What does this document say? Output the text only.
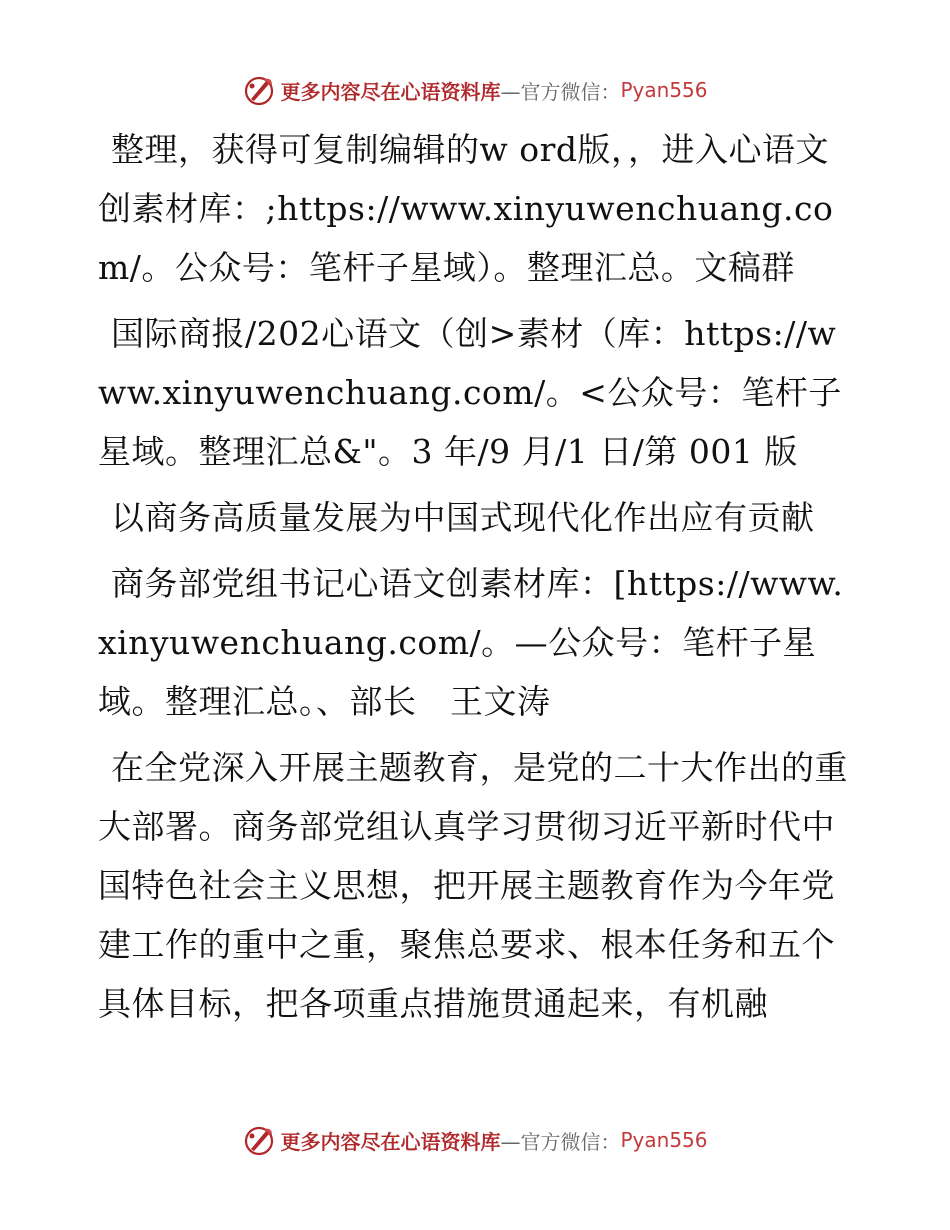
更多内容尽在心语资料库 —官方微信： Pyan556

整理，获得可复制编辑的w ord版，，进入心语文创素材库：;https://www.xinyuwenchuang.com/。公众号：笔杆子星域）。整理汇总。文稿群

国际商报/202心语文（创>素材（库：https://www.xinyuwenchuang.com/。<公众号：笔杆子星域。整理汇总&"。3 年/9 月/1 日/第 001 版

以商务高质量发展为中国式现代化作出应有贡献

商务部党组书记心语文创素材库：[https://www.xinyuwenchuang.com/。—公众号：笔杆子星域。整理汇总。、部长　王文涛

在全党深入开展主题教育，是党的二十大作出的重大部署。商务部党组认真学习贯彻习近平新时代中国特色社会主义思想，把开展主题教育作为今年党建工作的重中之重，聚焦总要求、根本任务和五个具体目标，把各项重点措施贯通起来，有机融

更多内容尽在心语资料库 —官方微信： Pyan556
